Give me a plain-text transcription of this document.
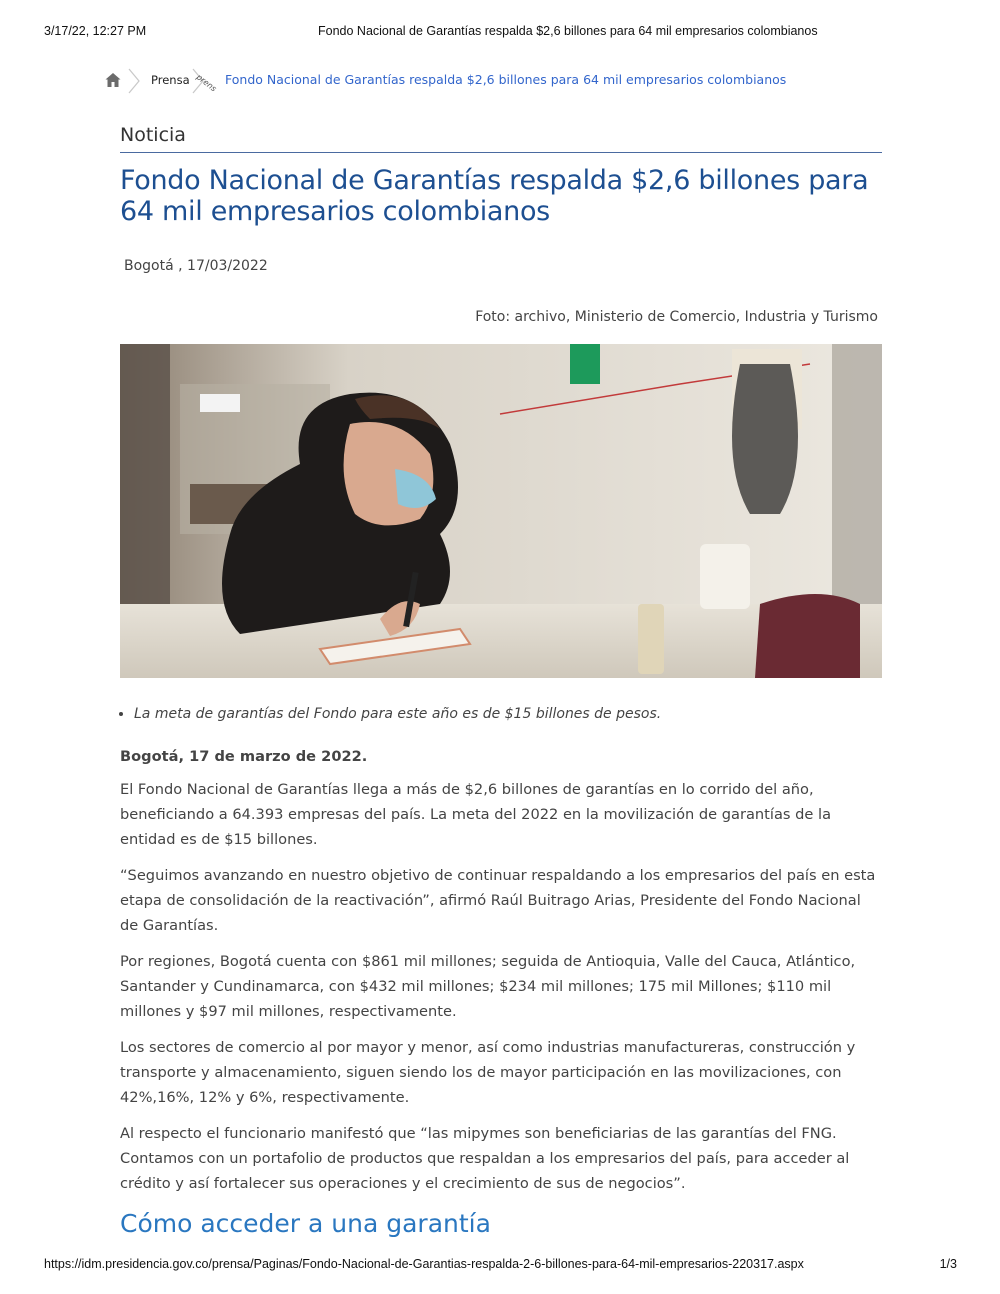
3/17/22, 12:27 PM	Fondo Nacional de Garantías respalda $2,6 billones para 64 mil empresarios colombianos
Prensa prens Fondo Nacional de Garantías respalda $2,6 billones para 64 mil empresarios colombianos
Noticia
Fondo Nacional de Garantías respalda $2,6 billones para 64 mil empresarios colombianos
Bogotá , 17/03/2022
Foto: archivo, Ministerio de Comercio, Industria y Turismo
• La meta de garantías del Fondo para este año es de $15 billones de pesos.

Bogotá, 17 de marzo de 2022.

El Fondo Nacional de Garantías llega a más de $2,6 billones de garantías en lo corrido del año, beneficiando a 64.393 empresas del país. La meta del 2022 en la movilización de garantías de la entidad es de $15 billones.

“Seguimos avanzando en nuestro objetivo de continuar respaldando a los empresarios del país en esta etapa de consolidación de la reactivación”, afirmó Raúl Buitrago Arias, Presidente del Fondo Nacional de Garantías.

Por regiones, Bogotá cuenta con $861 mil millones; seguida de Antioquia, Valle del Cauca, Atlántico, Santander y Cundinamarca, con $432 mil millones; $234 mil millones; 175 mil Millones; $110 mil millones y $97 mil millones, respectivamente.

Los sectores de comercio al por mayor y menor, así como industrias manufactureras, construcción y transporte y almacenamiento, siguen siendo los de mayor participación en las movilizaciones, con 42%,16%, 12% y 6%, respectivamente.

Al respecto el funcionario manifestó que “las mipymes son beneficiarias de las garantías del FNG. Contamos con un portafolio de productos que respaldan a los empresarios del país, para acceder al crédito y así fortalecer sus operaciones y el crecimiento de sus de negocios”.

Cómo acceder a una garantía
https://idm.presidencia.gov.co/prensa/Paginas/Fondo-Nacional-de-Garantias-respalda-2-6-billones-para-64-mil-empresarios-220317.aspx	1/3
